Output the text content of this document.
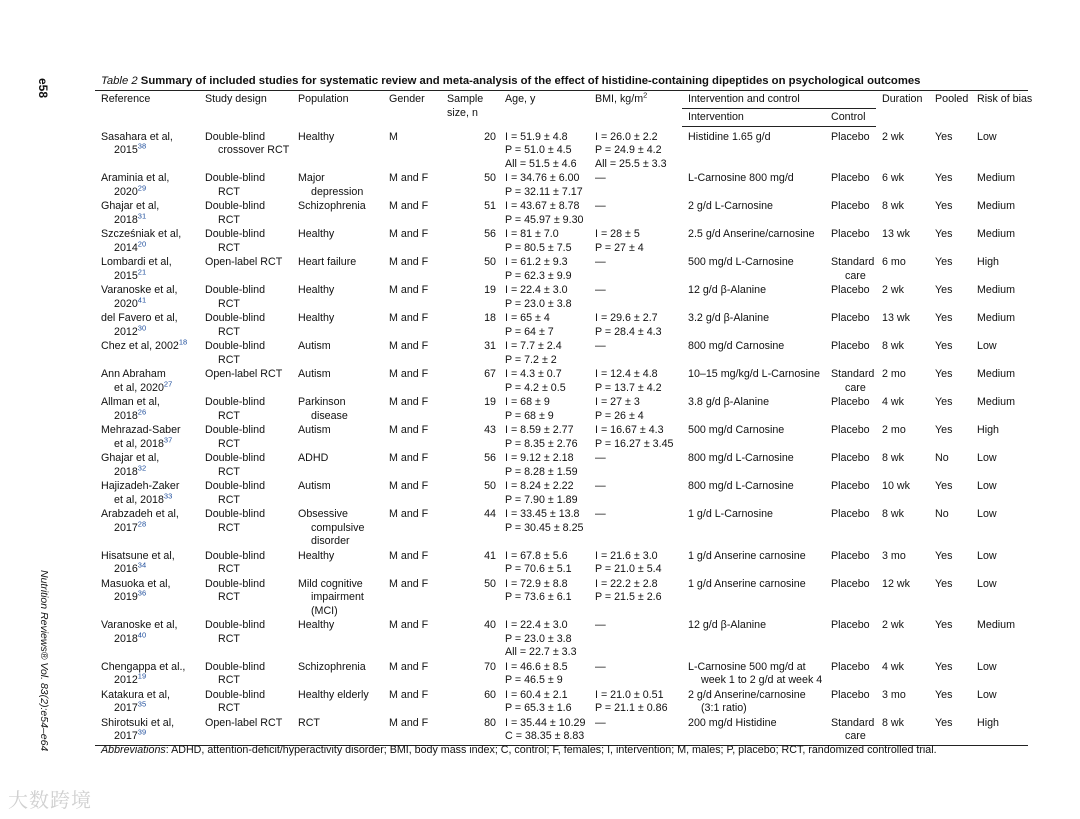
e58
Nutrition Reviews® Vol. 83(2):e54–e64
大数跨境
Table 2 Summary of included studies for systematic review and meta-analysis of the effect of histidine-containing dipeptides on psychological outcomes
Reference	Study design	Population	Gender	Sample
size, n	Age, y	BMI, $kg/m^2$	Intervention and control		Duration	Pooled	Risk of bias
							Intervention	Control			

Sasahara et al,
2015$^{38}$	Double-blind
crossover RCT	Healthy	M	20	I = 51.9 ± 4.8
P = 51.0 ± 4.5
All = 51.5 ± 4.6	I = 26.0 ± 2.2
P = 24.9 ± 4.2
All = 25.5 ± 3.3	Histidine 1.65 g/d	Placebo	2 wk	Yes	Low

Araminia et al,
2020$^{29}$	Double-blind
RCT	Major
depression	M and F	50	I = 34.76 ± 6.00
P = 32.11 ± 7.17	—	L-Carnosine 800 mg/d	Placebo	6 wk	Yes	Medium

Ghajar et al,
2018$^{31}$	Double-blind
RCT	Schizophrenia	M and F	51	I = 43.67 ± 8.78
P = 45.97 ± 9.30	—	2 g/d L-Carnosine	Placebo	8 wk	Yes	Medium

Szcześniak et al,
2014$^{20}$	Double-blind
RCT	Healthy	M and F	56	I = 81 ± 7.0
P = 80.5 ± 7.5	I = 28 ± 5
P = 27 ± 4	2.5 g/d Anserine/carnosine	Placebo	13 wk	Yes	Medium

Lombardi et al,
2015$^{21}$	Open-label RCT	Heart failure	M and F	50	I = 61.2 ± 9.3
P = 62.3 ± 9.9	—	500 mg/d L-Carnosine	Standard
care	6 mo	Yes	High

Varanoske et al,
2020$^{41}$	Double-blind
RCT	Healthy	M and F	19	I = 22.4 ± 3.0
P = 23.0 ± 3.8	—	12 g/d β-Alanine	Placebo	2 wk	Yes	Medium

del Favero et al,
2012$^{30}$	Double-blind
RCT	Healthy	M and F	18	I = 65 ± 4
P = 64 ± 7	I = 29.6 ± 2.7
P = 28.4 ± 4.3	3.2 g/d β-Alanine	Placebo	13 wk	Yes	Medium

Chez et al, 2002$^{18}$	Double-blind
RCT	Autism	M and F	31	I = 7.7 ± 2.4
P = 7.2 ± 2	—	800 mg/d Carnosine	Placebo	8 wk	Yes	Low

Ann Abraham
et al, 2020$^{27}$	Open-label RCT	Autism	M and F	67	I = 4.3 ± 0.7
P = 4.2 ± 0.5	I = 12.4 ± 4.8
P = 13.7 ± 4.2	10–15 mg/kg/d L-Carnosine	Standard
care	2 mo	Yes	Medium

Allman et al,
2018$^{26}$	Double-blind
RCT	Parkinson
disease	M and F	19	I = 68 ± 9
P = 68 ± 9	I = 27 ± 3
P = 26 ± 4	3.8 g/d β-Alanine	Placebo	4 wk	Yes	Medium

Mehrazad-Saber
et al, 2018$^{37}$	Double-blind
RCT	Autism	M and F	43	I = 8.59 ± 2.77
P = 8.35 ± 2.76	I = 16.67 ± 4.3
P = 16.27 ± 3.45	500 mg/d Carnosine	Placebo	2 mo	Yes	High

Ghajar et al,
2018$^{32}$	Double-blind
RCT	ADHD	M and F	56	I = 9.12 ± 2.18
P = 8.28 ± 1.59	—	800 mg/d L-Carnosine	Placebo	8 wk	No	Low

Hajizadeh-Zaker
et al, 2018$^{33}$	Double-blind
RCT	Autism	M and F	50	I = 8.24 ± 2.22
P = 7.90 ± 1.89	—	800 mg/d L-Carnosine	Placebo	10 wk	Yes	Low

Arabzadeh et al,
2017$^{28}$	Double-blind
RCT	Obsessive
compulsive
disorder	M and F	44	I = 33.45 ± 13.8
P = 30.45 ± 8.25	—	1 g/d L-Carnosine	Placebo	8 wk	No	Low

Hisatsune et al,
2016$^{34}$	Double-blind
RCT	Healthy	M and F	41	I = 67.8 ± 5.6
P = 70.6 ± 5.1	I = 21.6 ± 3.0
P = 21.0 ± 5.4	1 g/d Anserine carnosine	Placebo	3 mo	Yes	Low

Masuoka et al,
2019$^{36}$	Double-blind
RCT	Mild cognitive
impairment
(MCI)	M and F	50	I = 72.9 ± 8.8
P = 73.6 ± 6.1	I = 22.2 ± 2.8
P = 21.5 ± 2.6	1 g/d Anserine carnosine	Placebo	12 wk	Yes	Low

Varanoske et al,
2018$^{40}$	Double-blind
RCT	Healthy	M and F	40	I = 22.4 ± 3.0
P = 23.0 ± 3.8
All = 22.7 ± 3.3	—	12 g/d β-Alanine	Placebo	2 wk	Yes	Medium

Chengappa et al.,
2012$^{19}$	Double-blind
RCT	Schizophrenia	M and F	70	I = 46.6 ± 8.5
P = 46.5 ± 9	—	L-Carnosine 500 mg/d at
week 1 to 2 g/d at week 4	Placebo	4 wk	Yes	Low

Katakura et al,
2017$^{35}$	Double-blind
RCT	Healthy elderly	M and F	60	I = 60.4 ± 2.1
P = 65.3 ± 1.6	I = 21.0 ± 0.51
P = 21.1 ± 0.86	2 g/d Anserine/carnosine
(3:1 ratio)	Placebo	3 mo	Yes	Low

Shirotsuki et al,
2017$^{39}$	Open-label RCT	RCT	M and F	80	I = 35.44 ± 10.29
C = 38.35 ± 8.83	—	200 mg/d Histidine	Standard
care	8 wk	Yes	High
Abbreviations: ADHD, attention-deficit/hyperactivity disorder; BMI, body mass index; C, control; F, females; I, intervention; M, males; P, placebo; RCT, randomized controlled trial.
